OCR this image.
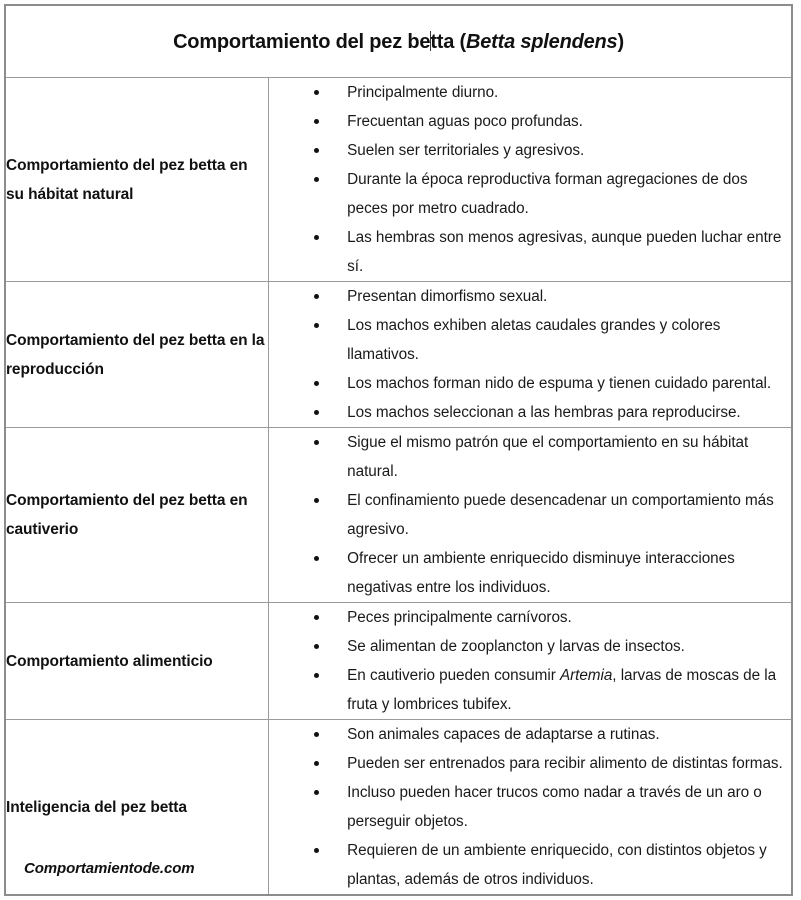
Comportamiento del pez betta (Betta splendens)	

Comportamiento del pez betta en su hábitat natural

Principalmente diurno.
Frecuentan aguas poco profundas.
Suelen ser territoriales y agresivos.
Durante la época reproductiva forman agregaciones de dos peces por metro cuadrado.
Las hembras son menos agresivas, aunque pueden luchar entre sí.

Comportamiento del pez betta en la reproducción

Presentan dimorfismo sexual.
Los machos exhiben aletas caudales grandes y colores llamativos.
Los machos forman nido de espuma y tienen cuidado parental.
Los machos seleccionan a las hembras para reproducirse.

Comportamiento del pez betta en cautiverio

Sigue el mismo patrón que el comportamiento en su hábitat natural.
El confinamiento puede desencadenar un comportamiento más agresivo.
Ofrecer un ambiente enriquecido disminuye interacciones negativas entre los individuos.

Comportamiento alimenticio

Peces principalmente carnívoros.
Se alimentan de zooplancton y larvas de insectos.
En cautiverio pueden consumir Artemia, larvas de moscas de la fruta y lombrices tubifex.

Inteligencia del pez betta

Son animales capaces de adaptarse a rutinas.
Pueden ser entrenados para recibir alimento de distintas formas.
Incluso pueden hacer trucos como nadar a través de un aro o perseguir objetos.
Requieren de un ambiente enriquecido, con distintos objetos y plantas, además de otros individuos.
Comportamientode.com
